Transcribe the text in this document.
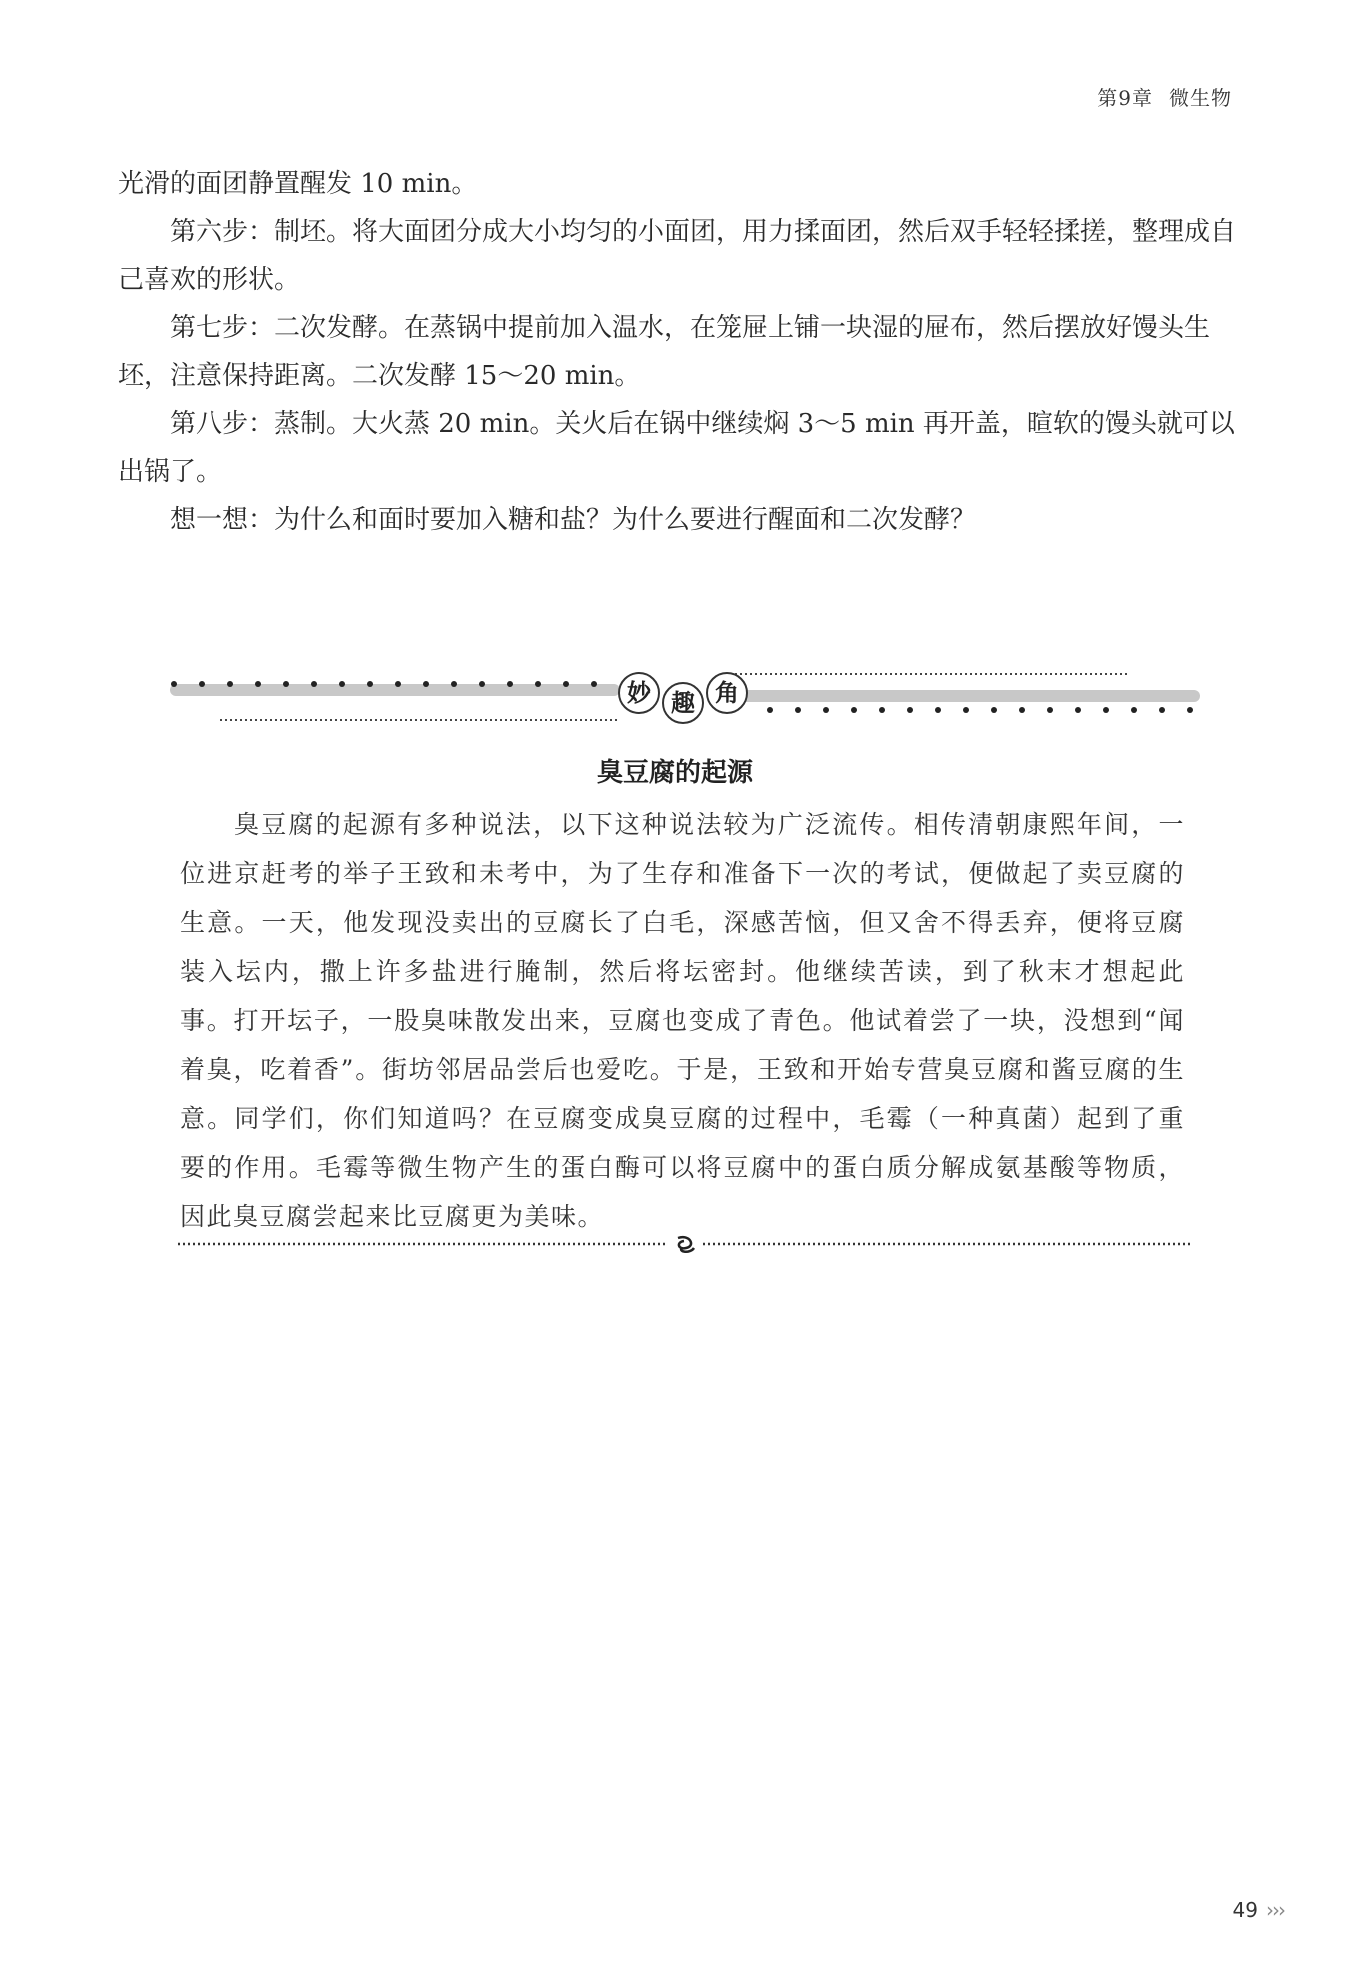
第9章 微生物

光滑的面团静置醒发 10 min。

第六步：制坯。将大面团分成大小均匀的小面团，用力揉面团，然后双手轻轻揉搓，整理成自己喜欢的形状。

第七步：二次发酵。在蒸锅中提前加入温水，在笼屉上铺一块湿的屉布，然后摆放好馒头生坯，注意保持距离。二次发酵 15～20 min。

第八步：蒸制。大火蒸 20 min。关火后在锅中继续焖 3～5 min 再开盖，暄软的馒头就可以出锅了。

想一想：为什么和面时要加入糖和盐？为什么要进行醒面和二次发酵？

妙 趣 角
臭豆腐的起源

臭豆腐的起源有多种说法，以下这种说法较为广泛流传。相传清朝康熙年间，一位进京赶考的举子王致和未考中，为了生存和准备下一次的考试，便做起了卖豆腐的生意。一天，他发现没卖出的豆腐长了白毛，深感苦恼，但又舍不得丢弃，便将豆腐装入坛内，撒上许多盐进行腌制，然后将坛密封。他继续苦读，到了秋末才想起此事。打开坛子，一股臭味散发出来，豆腐也变成了青色。他试着尝了一块，没想到“闻着臭，吃着香”。街坊邻居品尝后也爱吃。于是，王致和开始专营臭豆腐和酱豆腐的生意。同学们，你们知道吗？在豆腐变成臭豆腐的过程中，毛霉（一种真菌）起到了重要的作用。毛霉等微生物产生的蛋白酶可以将豆腐中的蛋白质分解成氨基酸等物质，因此臭豆腐尝起来比豆腐更为美味。

49 ›››
